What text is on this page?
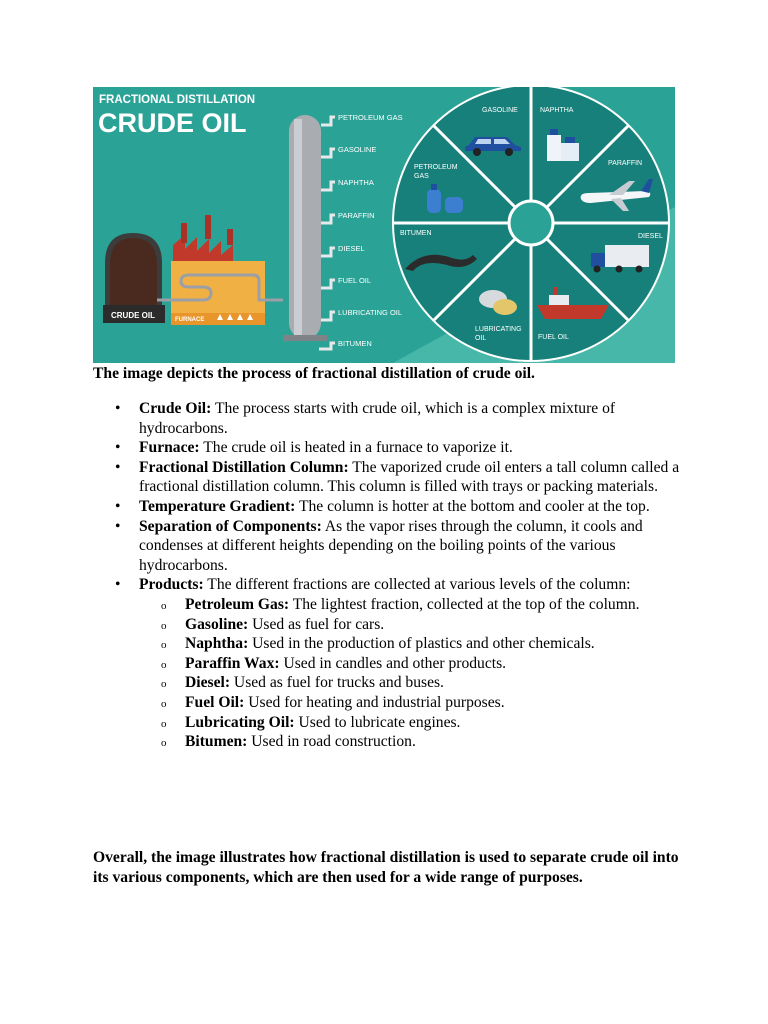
FRACTIONAL DISTILLATION
CRUDE OIL
CRUDE OIL	FURNACE
PETROLEUM GAS
GASOLINE
NAPHTHA
PARAFFIN
DIESEL
FUEL OIL
LUBRICATING OIL
BITUMEN
GASOLINE	NAPHTHA
PETROLEUM
GAS
PARAFFIN
BITUMEN	DIESEL
LUBRICATING
OIL	FUEL OIL

The image depicts the process of fractional distillation of crude oil.

• Crude Oil: The process starts with crude oil, which is a complex mixture of hydrocarbons.
• Furnace: The crude oil is heated in a furnace to vaporize it.
• Fractional Distillation Column: The vaporized crude oil enters a tall column called a fractional distillation column. This column is filled with trays or packing materials.
• Temperature Gradient: The column is hotter at the bottom and cooler at the top.
• Separation of Components: As the vapor rises through the column, it cools and condenses at different heights depending on the boiling points of the various hydrocarbons.
• Products: The different fractions are collected at various levels of the column:
o Petroleum Gas: The lightest fraction, collected at the top of the column.
o Gasoline: Used as fuel for cars.
o Naphtha: Used in the production of plastics and other chemicals.
o Paraffin Wax: Used in candles and other products.
o Diesel: Used as fuel for trucks and buses.
o Fuel Oil: Used for heating and industrial purposes.
o Lubricating Oil: Used to lubricate engines.
o Bitumen: Used in road construction.

Overall, the image illustrates how fractional distillation is used to separate crude oil into its various components, which are then used for a wide range of purposes.
